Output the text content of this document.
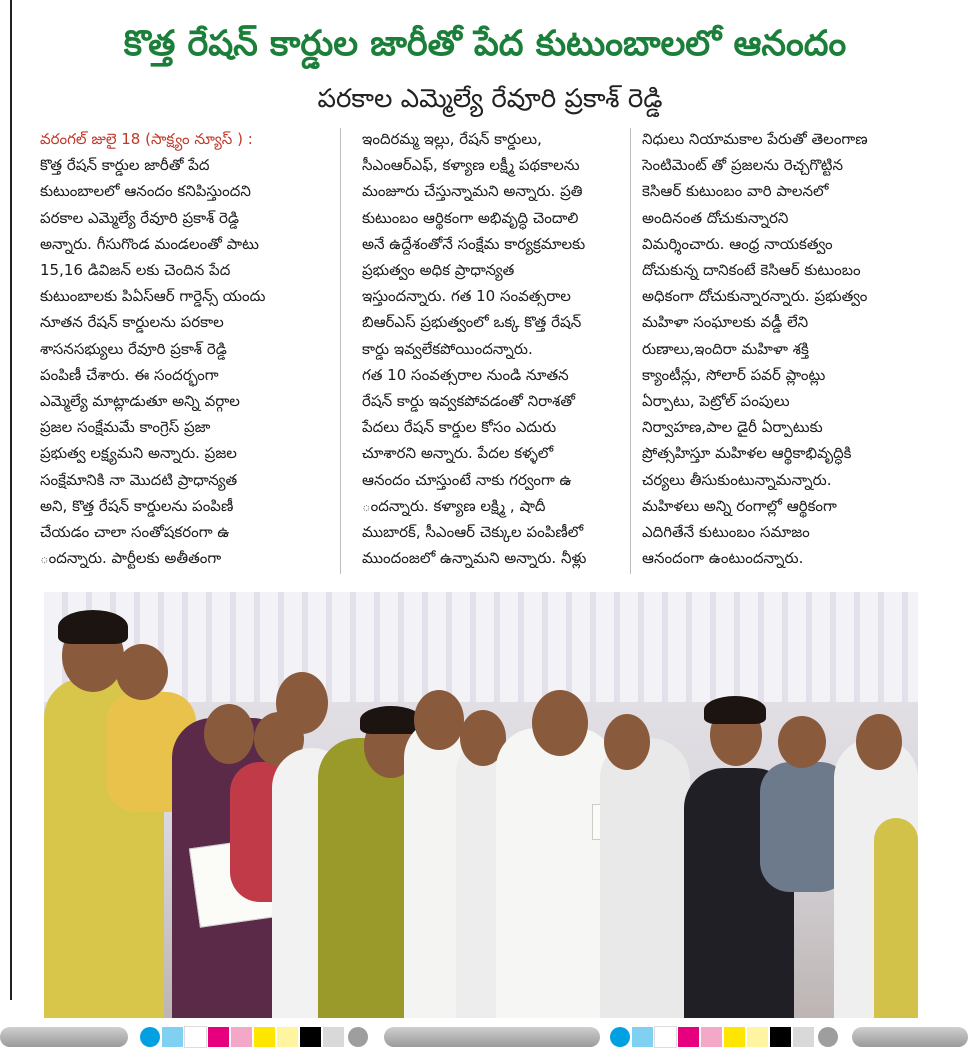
కొత్త రేషన్ కార్డుల జారీతో పేద కుటుంబాలలో ఆనందం
పరకాల ఎమ్మెల్యే రేవూరి ప్రకాశ్ రెడ్డి
వరంగల్ జులై 18 (సాక్ష్యం న్యూస్ ) :
కొత్త రేషన్ కార్డుల జారీతో పేద
కుటుంబాలలో ఆనందం కనిపిస్తుందని
పరకాల ఎమ్మెల్యే రేవూరి ప్రకాశ్ రెడ్డి
అన్నారు. గీసుగొండ మండలంతో పాటు
15,16 డివిజన్ లకు చెందిన పేద
కుటుంబాలకు పిఏస్ఆర్ గార్డెన్స్ యందు
నూతన రేషన్ కార్డులను పరకాల
శాసనసభ్యులు రేవూరి ప్రకాశ్ రెడ్డి
పంపిణీ చేశారు. ఈ సందర్భంగా
ఎమ్మెల్యే మాట్లాడుతూ అన్ని వర్గాల
ప్రజల సంక్షేమమే కాంగ్రెస్ ప్రజా
ప్రభుత్వ లక్ష్యమని అన్నారు. ప్రజల
సంక్షేమానికి నా మొదటి ప్రాధాన్యత
అని, కొత్త రేషన్ కార్డులను పంపిణీ
చేయడం చాలా సంతోషకరంగా ఉ
ందన్నారు. పార్టీలకు అతీతంగా
ఇందిరమ్మ ఇల్లు, రేషన్ కార్డులు,
సీఎంఆర్ఎఫ్, కళ్యాణ లక్ష్మీ పథకాలను
మంజూరు చేస్తున్నామని అన్నారు. ప్రతి
కుటుంబం ఆర్థికంగా అభివృద్ధి చెందాలి
అనే ఉద్దేశంతోనే సంక్షేమ కార్యక్రమాలకు
ప్రభుత్వం అధిక ప్రాధాన్యత
ఇస్తుందన్నారు. గత 10 సంవత్సరాల
బిఆర్ఎస్ ప్రభుత్వంలో ఒక్క కొత్త రేషన్
కార్డు ఇవ్వలేకపోయిందన్నారు.
గత 10 సంవత్సరాల నుండి నూతన
రేషన్ కార్డు ఇవ్వకపోవడంతో నిరాశతో
పేదలు రేషన్ కార్డుల కోసం ఎదురు
చూశారని అన్నారు. పేదల కళ్ళలో
ఆనందం చూస్తుంటే నాకు గర్వంగా ఉ
ందన్నారు. కళ్యాణ లక్ష్మి , షాదీ
ముబారక్, సీఎంఆర్ చెక్కుల పంపిణీలో
ముందంజలో ఉన్నామని అన్నారు. నీళ్లు
నిధులు నియామకాల పేరుతో తెలంగాణ
సెంటిమెంట్ తో ప్రజలను రెచ్చగొట్టిన
కెసిఆర్ కుటుంబం వారి పాలనలో
అందినంత దోచుకున్నారని
విమర్శించారు. ఆంధ్ర నాయకత్వం
దోచుకున్న దానికంటే కెసిఆర్ కుటుంబం
అధికంగా దోచుకున్నారన్నారు. ప్రభుత్వం
మహిళా సంఘాలకు వడ్డీ లేని
రుణాలు,ఇందిరా మహిళా శక్తి
క్యాంటీన్లు, సోలార్ పవర్ ప్లాంట్లు
ఏర్పాటు, పెట్రోల్ పంపులు
నిర్వాహణ,పాల డైరీ ఏర్పాటుకు
ప్రోత్సహిస్తూ మహిళల ఆర్థికాభివృద్ధికి
చర్యలు తీసుకుంటున్నామన్నారు.
మహిళలు అన్ని రంగాల్లో ఆర్థికంగా
ఎదిగితేనే కుటుంబం సమాజం
ఆనందంగా ఉంటుందన్నారు.
